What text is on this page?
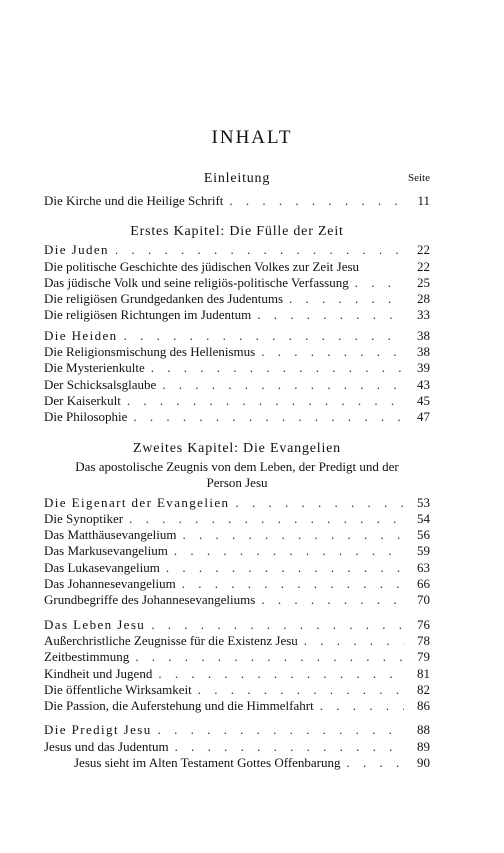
INHALT
Einleitung	Seite
Die Kirche und die Heilige Schrift . . .	11
Erstes Kapitel: Die Fülle der Zeit
Die Juden . . .	22
Die politische Geschichte des jüdischen Volkes zur Zeit Jesu	22
Das jüdische Volk und seine religiös-politische Verfassung . . .	25
Die religiösen Grundgedanken des Judentums . . .	28
Die religiösen Richtungen im Judentum . . .	33
Die Heiden . . .	38
Die Religionsmischung des Hellenismus . . .	38
Die Mysterienkulte . . .	39
Der Schicksalsglaube . . .	43
Der Kaiserkult . . .	45
Die Philosophie . . .	47
Zweites Kapitel: Die Evangelien
Das apostolische Zeugnis von dem Leben, der Predigt und der
Person Jesu
Die Eigenart der Evangelien . . .	53
Die Synoptiker . . .	54
Das Matthäusevangelium . . .	56
Das Markusevangelium . . .	59
Das Lukasevangelium . . .	63
Das Johannesevangelium . . .	66
Grundbegriffe des Johannesevangeliums . . .	70
Das Leben Jesu . . .	76
Außerchristliche Zeugnisse für die Existenz Jesu . . .	78
Zeitbestimmung . . .	79
Kindheit und Jugend . . .	81
Die öffentliche Wirksamkeit . . .	82
Die Passion, die Auferstehung und die Himmelfahrt . . .	86
Die Predigt Jesu . . .	88
Jesus und das Judentum . . .	89
Jesus sieht im Alten Testament Gottes Offenbarung . . .	90
